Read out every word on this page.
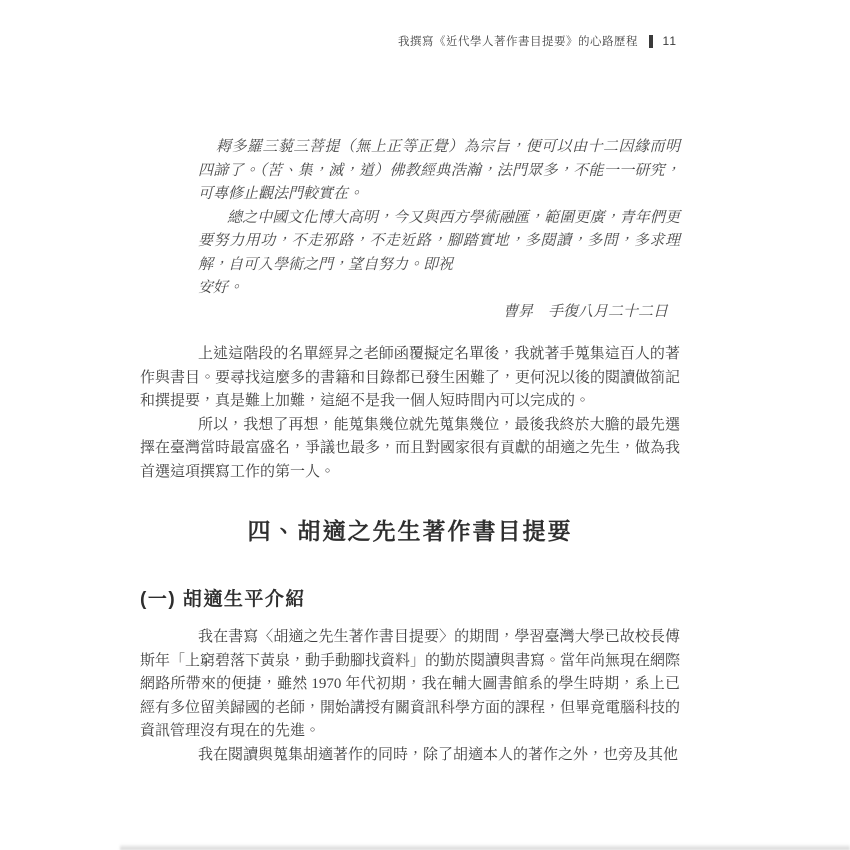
我撰寫《近代學人著作書目提要》的心路歷程 11

耨多羅三藐三菩提（無上正等正覺）為宗旨，便可以由十二因緣而明四諦了。（苦、集，滅，道）佛教經典浩瀚，法門眾多，不能一一研究，可專修止觀法門較實在。

總之中國文化博大高明，今又與西方學術融匯，範圍更廣，青年們更要努力用功，不走邪路，不走近路，腳踏實地，多閱讀，多問，多求理解，自可入學術之門，望自努力。即祝

安好。

曹昇　手復八月二十二日

上述這階段的名單經昇之老師函覆擬定名單後，我就著手蒐集這百人的著作與書目。要尋找這麼多的書籍和目錄都已發生困難了，更何況以後的閱讀做箚記和撰提要，真是難上加難，這絕不是我一個人短時間內可以完成的。

所以，我想了再想，能蒐集幾位就先蒐集幾位，最後我終於大膽的最先選擇在臺灣當時最富盛名，爭議也最多，而且對國家很有貢獻的胡適之先生，做為我首選這項撰寫工作的第一人。

四、胡適之先生著作書目提要
(一) 胡適生平介紹

我在書寫〈胡適之先生著作書目提要〉的期間，學習臺灣大學已故校長傅斯年「上窮碧落下黃泉，動手動腳找資料」的勤於閱讀與書寫。當年尚無現在網際網路所帶來的便捷，雖然 1970 年代初期，我在輔大圖書館系的學生時期，系上已經有多位留美歸國的老師，開始講授有關資訊科學方面的課程，但畢竟電腦科技的資訊管理沒有現在的先進。

我在閱讀與蒐集胡適著作的同時，除了胡適本人的著作之外，也旁及其他
